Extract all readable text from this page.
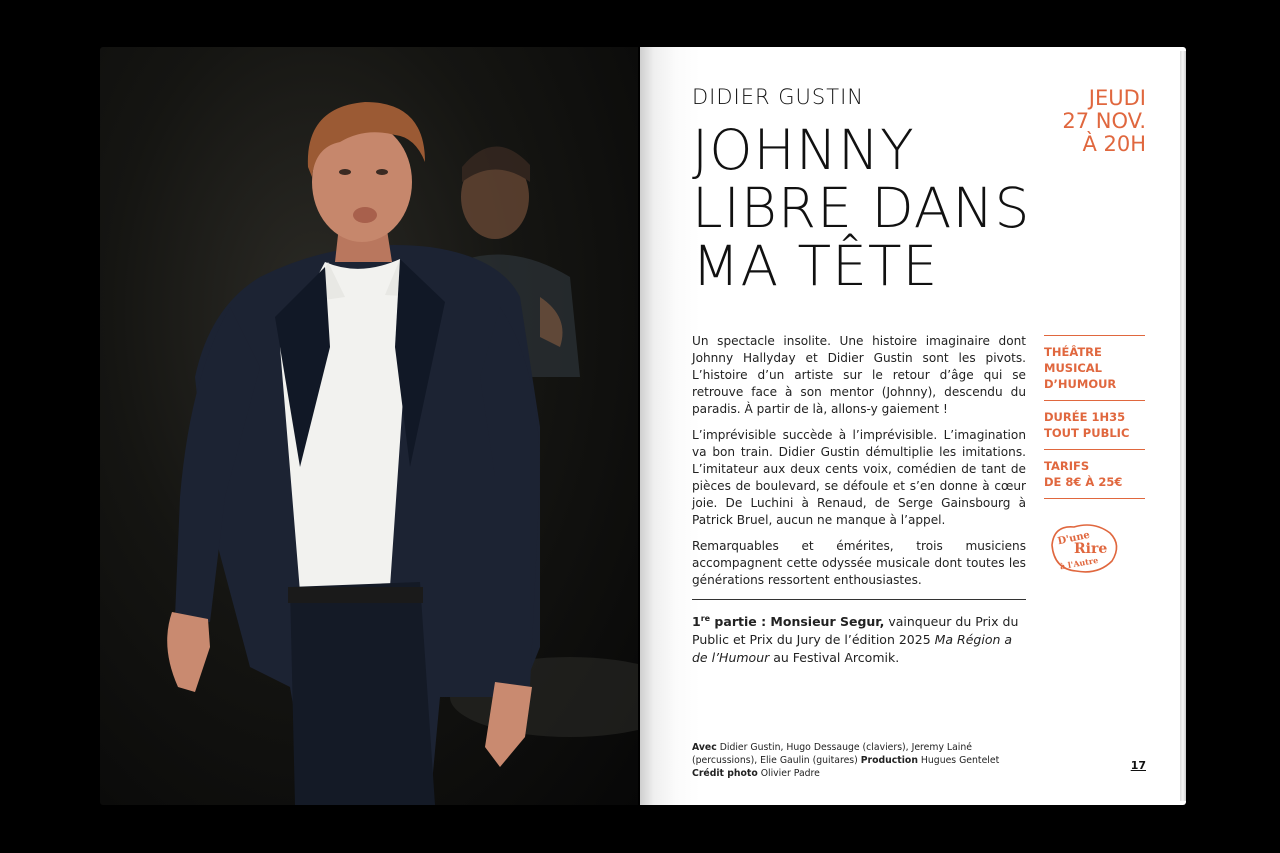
DIDIER GUSTIN
JOHNNY
LIBRE DANS
MA TÊTE
JEUDI
27 NOV.
À 20H

Un spectacle insolite. Une histoire imaginaire dont Johnny Hallyday et Didier Gustin sont les pivots. L’histoire d’un artiste sur le retour d’âge qui se retrouve face à son mentor (Johnny), descendu du paradis. À partir de là, allons-y gaiement !

L’imprévisible succède à l’imprévisible. L’imagination va bon train. Didier Gustin démultiplie les imitations. L’imitateur aux deux cents voix, comédien de tant de pièces de boulevard, se défoule et s’en donne à cœur joie. De Luchini à Renaud, de Serge Gainsbourg à Patrick Bruel, aucun ne manque à l’appel.

Remarquables et émérites, trois musiciens accompagnent cette odyssée musicale dont toutes les générations ressortent enthousiastes.

1re partie : Monsieur Segur, vainqueur du Prix du Public et Prix du Jury de l’édition 2025 Ma Région a de l’Humour au Festival Arcomik.
THÉÂTRE
MUSICAL
D’HUMOUR
DURÉE 1H35
TOUT PUBLIC
TARIFS
DE 8€ À 25€
D'une
Rire
à l'Autre
Avec Didier Gustin, Hugo Dessauge (claviers), Jeremy Lainé (percussions), Elie Gaulin (guitares) Production Hugues Gentelet Crédit photo Olivier Padre
17
